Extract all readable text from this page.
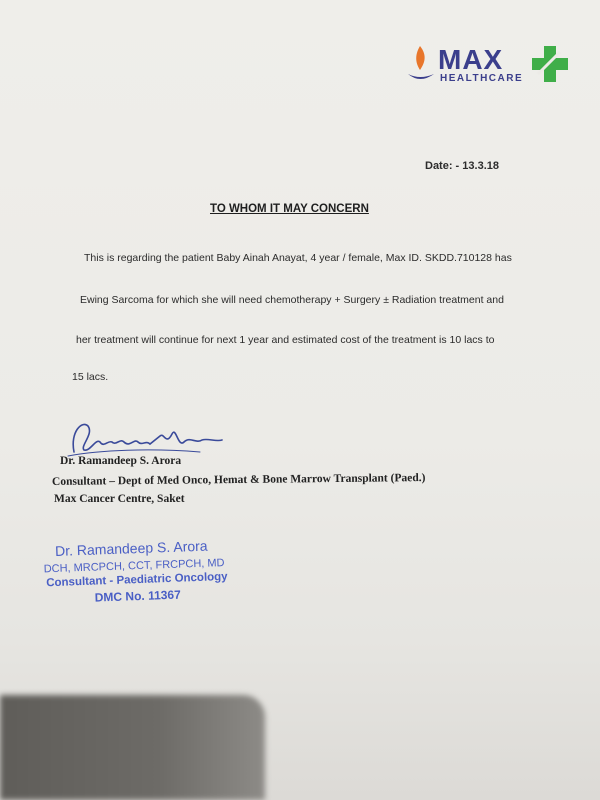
MAX
HEALTHCARE
Date: - 13.3.18
TO WHOM IT MAY CONCERN
This is regarding the patient Baby Ainah Anayat, 4 year / female, Max ID. SKDD.710128 has
Ewing Sarcoma for which she will need chemotherapy + Surgery ± Radiation treatment and
her treatment will continue for next 1 year and estimated cost of the treatment is 10 lacs to
15 lacs.
Dr. Ramandeep S. Arora
Consultant – Dept of Med Onco, Hemat & Bone Marrow Transplant (Paed.)
Max Cancer Centre, Saket
Dr. Ramandeep S. Arora
DCH, MRCPCH, CCT, FRCPCH, MD
Consultant - Paediatric Oncology
DMC No. 11367
